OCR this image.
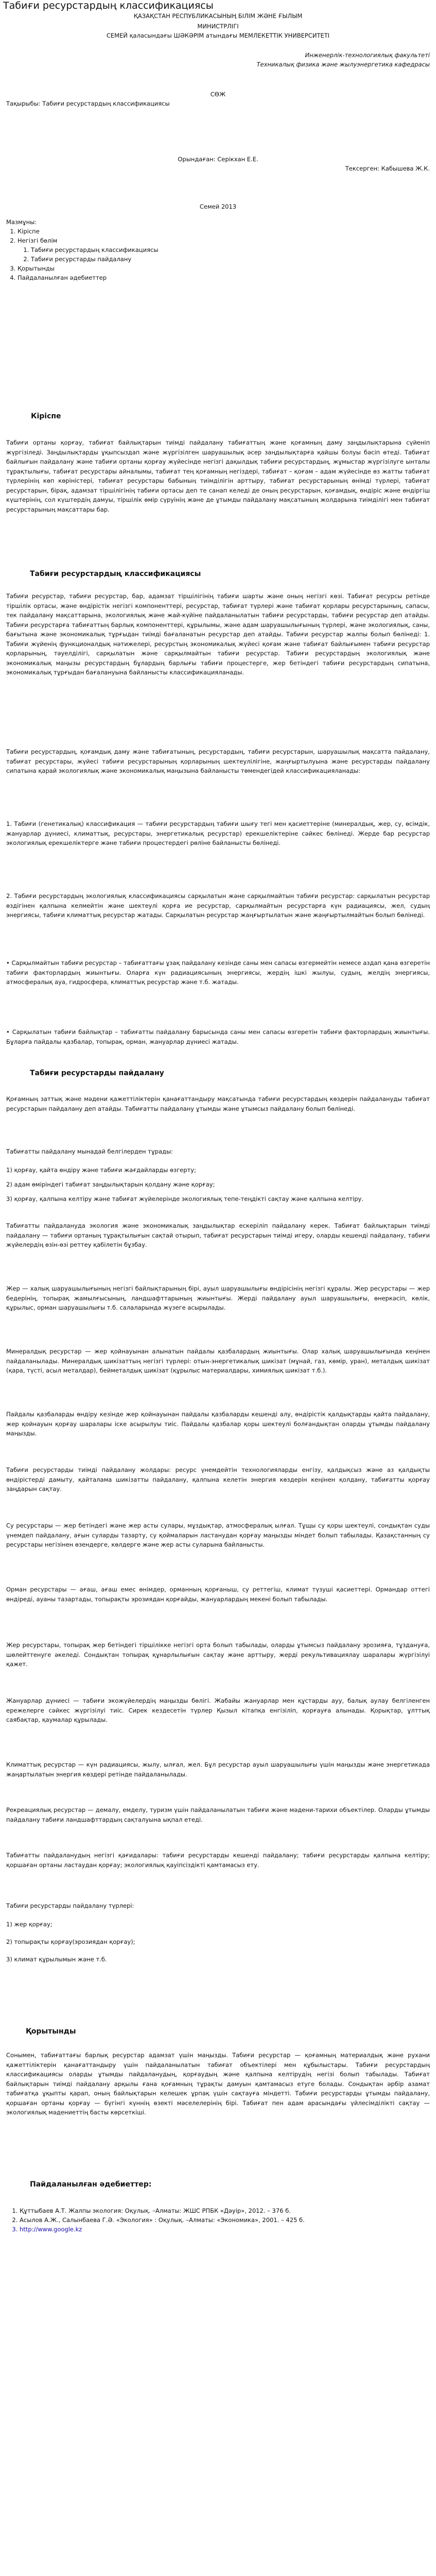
Табиғи ресурстардың классификациясы
ҚАЗАҚСТАН РЕСПУБЛИКАСЫНЫҢ БІЛІМ ЖӘНЕ ҒЫЛЫМ
МИНИСТРЛІГІ
СЕМЕЙ қаласындағы ШӘКӘРІМ атындағы МЕМЛЕКЕТТІК УНИВЕРСИТЕТІ
Инженерлік-технологиялық факультеті
Техникалық физика және жылуэнергетика кафедрасы
СӨЖ
Тақырыбы: Табиғи ресурстардың классификациясы
Орындаған: Серікхан Е.Е.
Тексерген: Кабышева Ж.К.
Семей 2013
Мазмұны:
1. Кіріспе
2. Негізгі бөлім
1. Табиғи ресурстардың классификациясы
2. Табиғи ресурстарды пайдалану
3. Қорытынды
4. Пайдаланылған әдебиеттер
Кіріспе
Табиғи ортаны қорғау, табиғат байлықтарын тиімді пайдалану табиғаттың және қоғамның даму заңдылықтарына сүйеніп жүргізіледі. Заңдылықтарды ұқыпсыздап және жүргізілген шаруашылық әсер заңдылықтарға қайшы болуы бәсіп өтеді. Табиғат байлығын пайдалану және табиғи ортаны қорғау жүйесінде негізгі дақылдық табиғи ресурстардың, жұмыстар жүргізілуге ынталы тұрақтылығы, табиғат ресурстары айналымы, табиғат тең қоғамның негіздері, табиғат – қоғам – адам жүйесінде өз жатты табиғат түрлерінің көп көріністері, табиғат ресурстары бабының тиімділігін арттыру, табиғат ресурстарының өнімді түрлері, табиғат ресурстарын, бірақ, адамзат тіршілігінің табиғи ортасы деп те санап келеді де оның ресурстарын, қоғамдық, өндіріс және өндіргіш күштерінің, сол күштердің дамуы, тіршілік өмір сүруінің және де ұтымды пайдалану мақсатының жолдарына тиімділігі мен табиғат ресурстарының мақсаттары бар.
Табиғи ресурстардың классификациясы
Табиғи ресурстар, табиғи ресурстар, бар, адамзат тіршілігінің табиғи шарты және оның негізгі көзі. Табиғат ресурсы ретінде тіршілік ортасы, және өндірістік негізгі компоненттері, ресурстар, табиғат түрлері және табиғат қорлары ресурстарының, сапасы, тек пайдалану мақсаттарына, экологиялық және жай-күйіне пайдаланылатын табиғи ресурстарды, табиғи ресурстар деп атайды. Табиғи ресурстарға табиғаттың барлық компоненттері, құрылымы, және адам шаруашылығының түрлері, және экологиялық, саны, бағытына және экономикалық тұрғыдан тиімді бағаланатын ресурстар деп атайды. Табиғи ресурстар жалпы болып бөлінеді: 1. Табиғи жүйенің функционалдық нәтижелері, ресурстың экономикалық жүйесі қоғам және табиғат байлығымен табиғи ресурстар қорларының, тәуелділігі, сарқылатын және сарқылмайтын табиғи ресурстар. Табиғи ресурстардың экологиялық және экономикалық маңызы ресурстардың бұлардың барлығы табиғи процестерге, жер бетіндегі табиғи ресурстардың сипатына, экономикалық тұрғыдан бағалануына байланысты классификацияланады.
Табиғи ресурстардың, қоғамдық даму және табиғатының, ресурстардың, табиғи ресурстарын, шаруашылық мақсатта пайдалану, табиғат ресурстары, жүйесі табиғи ресурстарының қорларының шектеулілігіне, жаңғыртылуына және ресурстарды пайдалану сипатына қарай экологиялық және экономикалық маңызына байланысты төмендегідей классификацияланады:
1. Табиғи (генетикалық) классификация — табиғи ресурстардың табиғи шығу тегі мен қасиеттеріне (минералдық, жер, су, өсімдік, жануарлар дүниесі, климаттық, ресурстары, энергетикалық ресурстар) ерекшеліктеріне сәйкес бөлінеді. Жерде бар ресурстар экологиялық ерекшеліктерге және табиғи процестердегі рөліне байланысты бөлінеді.
2. Табиғи ресурстардың экологиялық классификациясы сарқылатын және сарқылмайтын табиғи ресурстар: сарқылатын ресурстар өздігінен қалпына келмейтін және шектеулі қорға ие ресурстар, сарқылмайтын ресурстарға күн радиациясы, жел, судың энергиясы, табиғи климаттық ресурстар жатады. Сарқылатын ресурстар жаңғыртылатын және жаңғыртылмайтын болып бөлінеді.
• Сарқылмайтын табиғи ресурстар – табиғаттағы ұзақ пайдалану кезінде саны мен сапасы өзгермейтін немесе аздап қана өзгеретін табиғи факторлардың жиынтығы. Оларға күн радиациясының энергиясы, жердің ішкі жылуы, судың, желдің энергиясы, атмосфералық ауа, гидросфера, климаттық ресурстар және т.б. жатады.
• Сарқылатын табиғи байлықтар – табиғатты пайдалану барысында саны мен сапасы өзгеретін табиғи факторлардың жиынтығы. Бұларға пайдалы қазбалар, топырақ, орман, жануарлар дүниесі жатады.
Табиғи ресурстарды пайдалану
Қоғамның заттық және мәдени қажеттіліктерін қанағаттандыру мақсатында табиғи ресурстардың көздерін пайдалануды табиғат ресурстарын пайдалану деп атайды. Табиғатты пайдалану ұтымды және ұтымсыз пайдалану болып бөлінеді.
Табиғатты пайдалану мынадай белгілерден тұрады:
1) қорғау, қайта өндіру және табиғи жағдайларды өзгерту;
2) адам өміріндегі табиғат заңдылықтарын қолдану және қорғау;
3) қорғау, қалпына келтіру және табиғат жүйелерінде экологиялық тепе-теңдікті сақтау және қалпына келтіру.
Табиғатты пайдалануда экология және экономикалық заңдылықтар ескеріліп пайдалану керек. Табиғат байлықтарын тиімді пайдалану — табиғи ортаның тұрақтылығын сақтай отырып, табиғат ресурстарын тиімді игеру, оларды кешенді пайдалану, табиғи жүйелердің өзін-өзі реттеу қабілетін бұзбау.
Жер — халық шаруашылығының негізгі байлықтарының бірі, ауыл шаруашылығы өндірісінің негізгі құралы. Жер ресурстары — жер бедерінің, топырақ жамылғысының, ландшафттарының жиынтығы. Жерді пайдалану ауыл шаруашылығы, өнеркәсіп, көлік, құрылыс, орман шаруашылығы т.б. салаларында жүзеге асырылады.
Минералдық ресурстар — жер қойнауынан алынатын пайдалы қазбалардың жиынтығы. Олар халық шаруашылығында кеңінен пайдаланылады. Минералдық шикізаттың негізгі түрлері: отын-энергетикалық шикізат (мұнай, газ, көмір, уран), металдық шикізат (қара, түсті, асыл металдар), бейметалдық шикізат (құрылыс материалдары, химиялық шикізат т.б.).
Пайдалы қазбаларды өндіру кезінде жер қойнауынан пайдалы қазбаларды кешенді алу, өндірістік қалдықтарды қайта пайдалану, жер қойнауын қорғау шаралары іске асырылуы тиіс. Пайдалы қазбалар қоры шектеулі болғандықтан оларды ұтымды пайдалану маңызды.
Табиғи ресурстарды тиімді пайдалану жолдары: ресурс үнемдейтін технологияларды енгізу, қалдықсыз және аз қалдықты өндірістерді дамыту, қайталама шикізатты пайдалану, қалпына келетін энергия көздерін кеңінен қолдану, табиғатты қорғау заңдарын сақтау.
Су ресурстары — жер бетіндегі және жер асты сулары, мұздықтар, атмосфералық ылғал. Тұщы су қоры шектеулі, сондықтан суды үнемдеп пайдалану, ағын суларды тазарту, су қоймаларын ластанудан қорғау маңызды міндет болып табылады. Қазақстанның су ресурстары негізінен өзендерге, көлдерге және жер асты суларына байланысты.
Орман ресурстары — ағаш, ағаш емес өнімдер, орманның қорғаныш, су реттегіш, климат түзуші қасиеттері. Ормандар оттегі өндіреді, ауаны тазартады, топырақты эрозиядан қорғайды, жануарлардың мекені болып табылады.
Жер ресурстары, топырақ жер бетіндегі тіршілікке негізгі орта болып табылады, оларды ұтымсыз пайдалану эрозияға, тұздануға, шөлейттенуге әкеледі. Сондықтан топырақ құнарлылығын сақтау және арттыру, жерді рекультивациялау шаралары жүргізілуі қажет.
Жануарлар дүниесі — табиғи экожүйелердің маңызды бөлігі. Жабайы жануарлар мен құстарды ауу, балық аулау белгіленген ережелерге сәйкес жүргізілуі тиіс. Сирек кездесетін түрлер Қызыл кітапқа енгізіліп, қорғауға алынады. Қорықтар, ұлттық саябақтар, қаумалар құрылады.
Климаттық ресурстар — күн радиациясы, жылу, ылғал, жел. Бұл ресурстар ауыл шаруашылығы үшін маңызды және энергетикада жаңартылатын энергия көздері ретінде пайдаланылады.
Рекреациялық ресурстар — демалу, емделу, туризм үшін пайдаланылатын табиғи және мәдени-тарихи объектілер. Оларды ұтымды пайдалану табиғи ландшафттардың сақталуына ықпал етеді.
Табиғатты пайдаланудың негізгі қағидалары: табиғи ресурстарды кешенді пайдалану; табиғи ресурстарды қалпына келтіру; қоршаған ортаны ластаудан қорғау; экологиялық қауіпсіздікті қамтамасыз ету.
Табиғи ресурстарды пайдалану түрлері:
1) жер қорғау;
2) топырақты қорғау(эрозиядан қорғау);
3) климат құрылымын және т.б.
Қорытынды
Сонымен, табиғаттағы барлық ресурстар адамзат үшін маңызды. Табиғи ресурстар — қоғамның материалдық және рухани қажеттіліктерін қанағаттандыру үшін пайдаланылатын табиғат объектілері мен құбылыстары. Табиғи ресурстардың классификациясы оларды ұтымды пайдаланудың, қорғаудың және қалпына келтірудің негізі болып табылады. Табиғат байлықтарын тиімді пайдалану арқылы ғана қоғамның тұрақты дамуын қамтамасыз етуге болады. Сондықтан әрбір азамат табиғатқа ұқыпты қарап, оның байлықтарын келешек ұрпақ үшін сақтауға міндетті. Табиғи ресурстарды ұтымды пайдалану, қоршаған ортаны қорғау — бүгінгі күннің өзекті мәселелерінің бірі. Табиғат пен адам арасындағы үйлесімділікті сақтау — экологиялық мәдениеттің басты көрсеткіші.
Пайдаланылған әдебиеттер:
1. Құттыбаев А.Т. Жалпы экология: Оқулық. –Алматы: ЖШС РПБК «Дәуір», 2012. – 376 б.
2. Асылов А.Ж., Салынбаева Г.Ә. «Экология» : Оқулық. –Алматы: «Экономика», 2001. – 425 б.
3. http://www.google.kz
